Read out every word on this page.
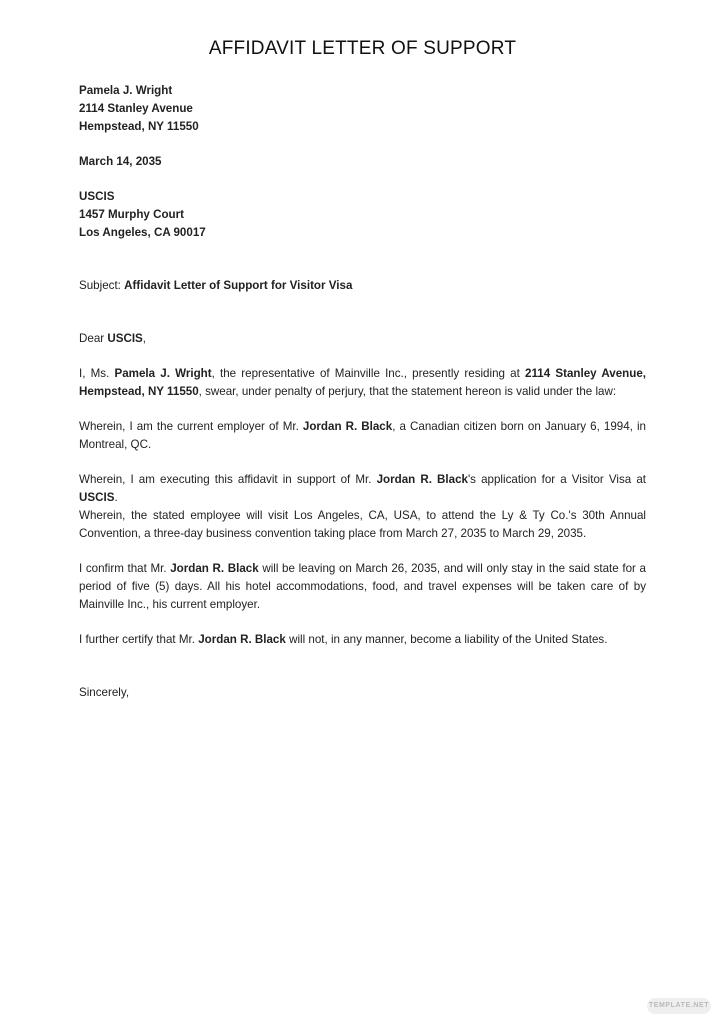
AFFIDAVIT LETTER OF SUPPORT

Pamela J. Wright

2114 Stanley Avenue

Hempstead, NY 11550

March 14, 2035

USCIS

1457 Murphy Court

Los Angeles, CA 90017

Subject: Affidavit Letter of Support for Visitor Visa

Dear USCIS,

I, Ms. Pamela J. Wright, the representative of Mainville Inc., presently residing at 2114 Stanley Avenue, Hempstead, NY 11550, swear, under penalty of perjury, that the statement hereon is valid under the law:

Wherein, I am the current employer of Mr. Jordan R. Black, a Canadian citizen born on January 6, 1994, in Montreal, QC.

Wherein, I am executing this affidavit in support of Mr. Jordan R. Black's application for a Visitor Visa at USCIS.

Wherein, the stated employee will visit Los Angeles, CA, USA, to attend the Ly & Ty Co.'s 30th Annual Convention, a three-day business convention taking place from March 27, 2035 to March 29, 2035.

I confirm that Mr. Jordan R. Black will be leaving on March 26, 2035, and will only stay in the said state for a period of five (5) days. All his hotel accommodations, food, and travel expenses will be taken care of by Mainville Inc., his current employer.

I further certify that Mr. Jordan R. Black will not, in any manner, become a liability of the United States.

Sincerely,

TEMPLATE.NET
